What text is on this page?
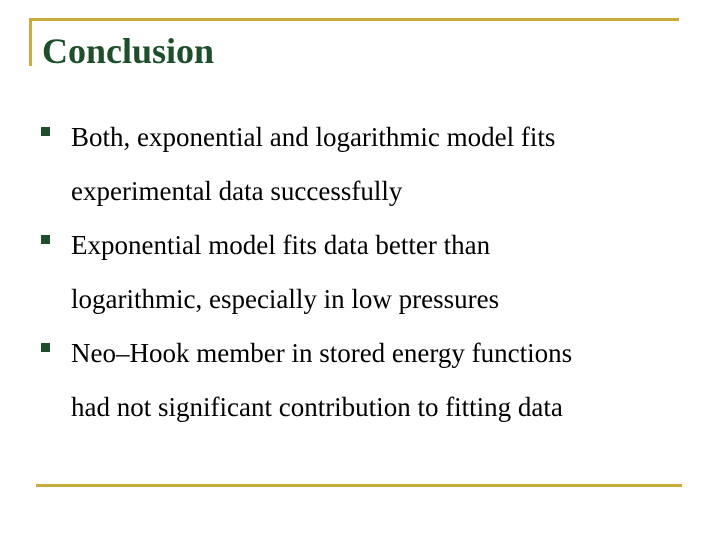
Conclusion
Both, exponential and logarithmic model fits
experimental data successfully
Exponential model fits data better than
logarithmic, especially in low pressures
Neo–Hook member in stored energy functions
had not significant contribution to fitting data
